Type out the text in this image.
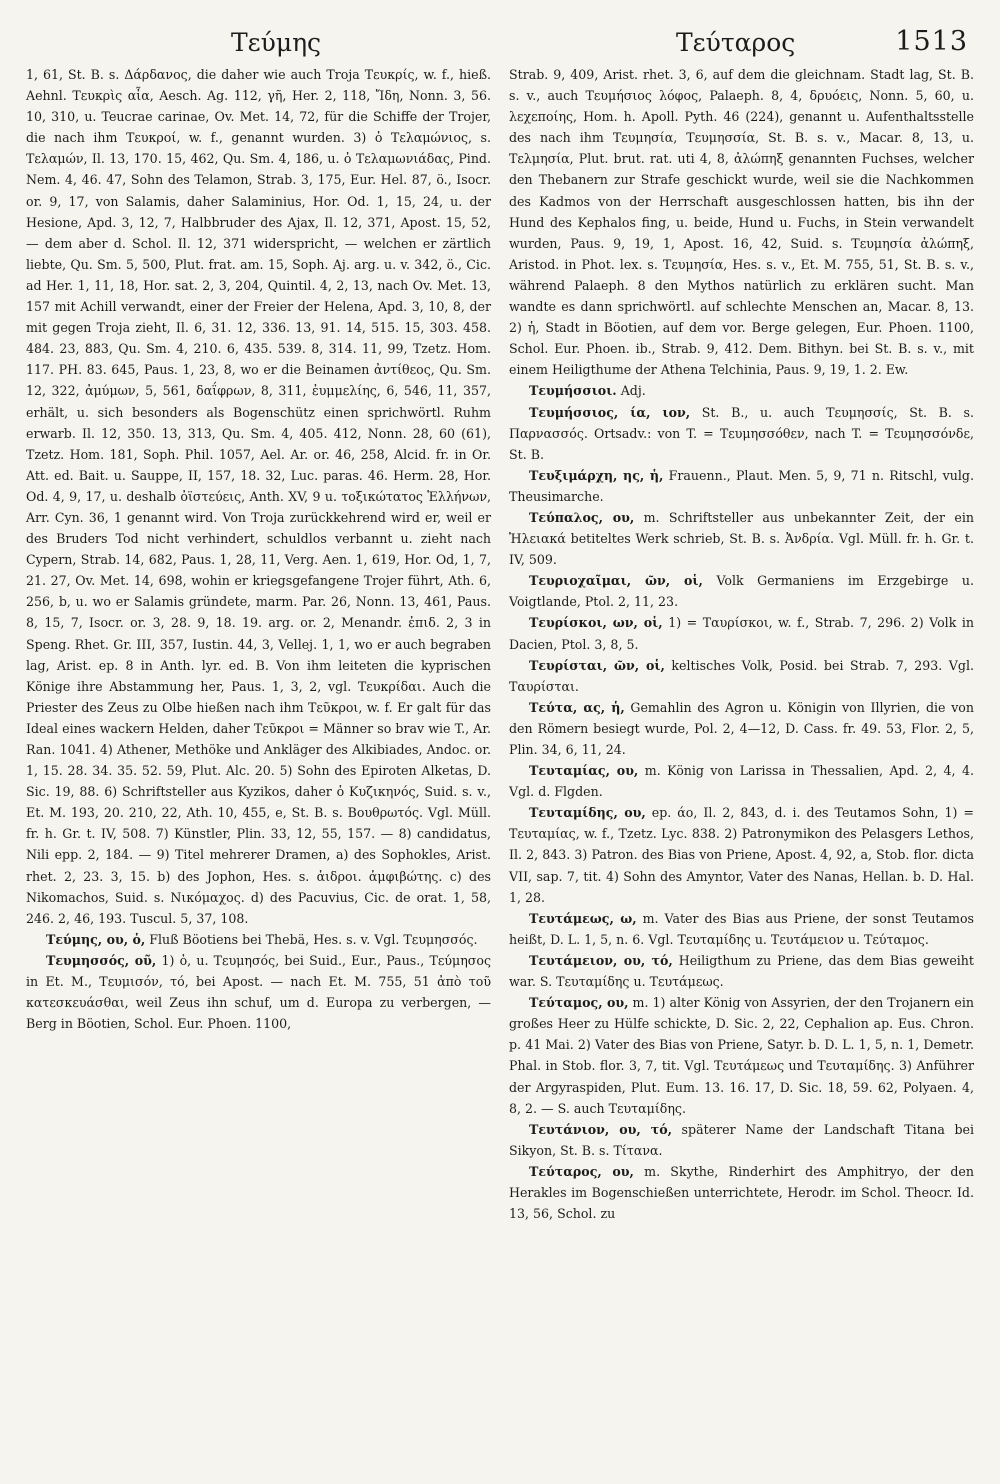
Τεύμης	Τεύταρος	1513

1, 61, St. B. s. Δάρδανος, die daher wie auch Troja Τευκρίς, w. f., hieß. Aehnl. Τευκρὶς αἶα, Aesch. Ag. 112, γῆ, Her. 2, 118, Ἴδη, Nonn. 3, 56. 10, 310, u. Teucrae carinae, Ov. Met. 14, 72, für die Schiffe der Trojer, die nach ihm Τευκροί, w. f., genannt wurden. 3) ὁ Τελαμώνιος, s. Τελαμών, Il. 13, 170. 15, 462, Qu. Sm. 4, 186, u. ὁ Τελαμωνιάδας, Pind. Nem. 4, 46. 47, Sohn des Telamon, Strab. 3, 175, Eur. Hel. 87, ö., Isocr. or. 9, 17, von Salamis, daher Salaminius, Hor. Od. 1, 15, 24, u. der Hesione, Apd. 3, 12, 7, Halbbruder des Ajax, Il. 12, 371, Apost. 15, 52, — dem aber d. Schol. Il. 12, 371 widerspricht, — welchen er zärtlich liebte, Qu. Sm. 5, 500, Plut. frat. am. 15, Soph. Aj. arg. u. v. 342, ö., Cic. ad Her. 1, 11, 18, Hor. sat. 2, 3, 204, Quintil. 4, 2, 13, nach Ov. Met. 13, 157 mit Achill verwandt, einer der Freier der Helena, Apd. 3, 10, 8, der mit gegen Troja zieht, Il. 6, 31. 12, 336. 13, 91. 14, 515. 15, 303. 458. 484. 23, 883, Qu. Sm. 4, 210. 6, 435. 539. 8, 314. 11, 99, Tzetz. Hom. 117. PH. 83. 645, Paus. 1, 23, 8, wo er die Beinamen ἀντίθεος, Qu. Sm. 12, 322, ἀμύμων, 5, 561, δαΐφρων, 8, 311, ἐυμμελίης, 6, 546, 11, 357, erhält, u. sich besonders als Bogenschütz einen sprichwörtl. Ruhm erwarb. Il. 12, 350. 13, 313, Qu. Sm. 4, 405. 412, Nonn. 28, 60 (61), Tzetz. Hom. 181, Soph. Phil. 1057, Ael. Ar. or. 46, 258, Alcid. fr. in Or. Att. ed. Bait. u. Sauppe, II, 157, 18. 32, Luc. paras. 46. Herm. 28, Hor. Od. 4, 9, 17, u. deshalb ὀϊστεύεις, Anth. XV, 9 u. τοξικώτατος Ἑλλήνων, Arr. Cyn. 36, 1 genannt wird. Von Troja zurückkehrend wird er, weil er des Bruders Tod nicht verhindert, schuldlos verbannt u. zieht nach Cypern, Strab. 14, 682, Paus. 1, 28, 11, Verg. Aen. 1, 619, Hor. Od, 1, 7, 21. 27, Ov. Met. 14, 698, wohin er kriegsgefangene Trojer führt, Ath. 6, 256, b, u. wo er Salamis gründete, marm. Par. 26, Nonn. 13, 461, Paus. 8, 15, 7, Isocr. or. 3, 28. 9, 18. 19. arg. or. 2, Menandr. ἐπιδ. 2, 3 in Speng. Rhet. Gr. III, 357, Iustin. 44, 3, Vellej. 1, 1, wo er auch begraben lag, Arist. ep. 8 in Anth. lyr. ed. B. Von ihm leiteten die kyprischen Könige ihre Abstammung her, Paus. 1, 3, 2, vgl. Τευκρίδαι. Auch die Priester des Zeus zu Olbe hießen nach ihm Τεῦκροι, w. f. Er galt für das Ideal eines wackern Helden, daher Τεῦκροι = Männer so brav wie T., Ar. Ran. 1041. 4) Athener, Methöke und Ankläger des Alkibiades, Andoc. or. 1, 15. 28. 34. 35. 52. 59, Plut. Alc. 20. 5) Sohn des Epiroten Alketas, D. Sic. 19, 88. 6) Schriftsteller aus Kyzikos, daher ὁ Κυζικηνός, Suid. s. v., Et. M. 193, 20. 210, 22, Ath. 10, 455, e, St. B. s. Βουθρωτός. Vgl. Müll. fr. h. Gr. t. IV, 508. 7) Künstler, Plin. 33, 12, 55, 157. — 8) candidatus, Nili epp. 2, 184. — 9) Titel mehrerer Dramen, a) des Sophokles, Arist. rhet. 2, 23. 3, 15. b) des Jophon, Hes. s. ἀιδροι. ἀμφιβώτης. c) des Nikomachos, Suid. s. Νικόμαχος. d) des Pacuvius, Cic. de orat. 1, 58, 246. 2, 46, 193. Tuscul. 5, 37, 108.

Τεύμης, ου, ὁ, Fluß Böotiens bei Thebä, Hes. s. v. Vgl. Τευμησσός.

Τευμησσός, οῦ, 1) ὁ, u. Τευμησός, bei Suid., Eur., Paus., Τεύμησος in Et. M., Τευμισόν, τό, bei Apost. — nach Et. M. 755, 51 ἀπὸ τοῦ κατεσκευάσθαι, weil Zeus ihn schuf, um d. Europa zu verbergen, — Berg in Böotien, Schol. Eur. Phoen. 1100,

Strab. 9, 409, Arist. rhet. 3, 6, auf dem die gleichnam. Stadt lag, St. B. s. v., auch Τευμήσιος λόφος, Palaeph. 8, 4, δρυόεις, Nonn. 5, 60, u. λεχεποίης, Hom. h. Apoll. Pyth. 46 (224), genannt u. Aufenthaltsstelle des nach ihm Τευμησία, Τευμησσία, St. B. s. v., Macar. 8, 13, u. Τελμησία, Plut. brut. rat. uti 4, 8, ἀλώπηξ genannten Fuchses, welcher den Thebanern zur Strafe geschickt wurde, weil sie die Nachkommen des Kadmos von der Herrschaft ausgeschlossen hatten, bis ihn der Hund des Kephalos fing, u. beide, Hund u. Fuchs, in Stein verwandelt wurden, Paus. 9, 19, 1, Apost. 16, 42, Suid. s. Τευμησία ἀλώπηξ, Aristod. in Phot. lex. s. Τευμησία, Hes. s. v., Et. M. 755, 51, St. B. s. v., während Palaeph. 8 den Mythos natürlich zu erklären sucht. Man wandte es dann sprichwörtl. auf schlechte Menschen an, Macar. 8, 13. 2) ἡ, Stadt in Böotien, auf dem vor. Berge gelegen, Eur. Phoen. 1100, Schol. Eur. Phoen. ib., Strab. 9, 412. Dem. Bithyn. bei St. B. s. v., mit einem Heiligthume der Athena Telchinia, Paus. 9, 19, 1. 2. Ew.

Τευμήσσιοι. Adj.

Τευμήσσιος, ία, ιον, St. B., u. auch Τευμησσίς, St. B. s. Παρνασσός. Ortsadv.: von T. = Τευμησσόθεν, nach T. = Τευμησσόνδε, St. B.

Τευξιμάρχη, ης, ἡ, Frauenn., Plaut. Men. 5, 9, 71 n. Ritschl, vulg. Theusimarche.

Τεύπαλος, ου, m. Schriftsteller aus unbekannter Zeit, der ein Ἠλειακά betiteltes Werk schrieb, St. B. s. Ἀνδρία. Vgl. Müll. fr. h. Gr. t. IV, 509.

Τευριοχαῖμαι, ῶν, οἱ, Volk Germaniens im Erzgebirge u. Voigtlande, Ptol. 2, 11, 23.

Τευρίσκοι, ων, οἱ, 1) = Ταυρίσκοι, w. f., Strab. 7, 296. 2) Volk in Dacien, Ptol. 3, 8, 5.

Τευρίσται, ῶν, οἱ, keltisches Volk, Posid. bei Strab. 7, 293. Vgl. Ταυρίσται.

Τεύτα, ας, ἡ, Gemahlin des Agron u. Königin von Illyrien, die von den Römern besiegt wurde, Pol. 2, 4—12, D. Cass. fr. 49. 53, Flor. 2, 5, Plin. 34, 6, 11, 24.

Τευταμίας, ου, m. König von Larissa in Thessalien, Apd. 2, 4, 4. Vgl. d. Flgden.

Τευταμίδης, ου, ep. άο, Il. 2, 843, d. i. des Teutamos Sohn, 1) = Τευταμίας, w. f., Tzetz. Lyc. 838. 2) Patronymikon des Pelasgers Lethos, Il. 2, 843. 3) Patron. des Bias von Priene, Apost. 4, 92, a, Stob. flor. dicta VII, sap. 7, tit. 4) Sohn des Amyntor, Vater des Nanas, Hellan. b. D. Hal. 1, 28.

Τευτάμεως, ω, m. Vater des Bias aus Priene, der sonst Teutamos heißt, D. L. 1, 5, n. 6. Vgl. Τευταμίδης u. Τευτάμειον u. Τεύταμος.

Τευτάμειον, ου, τό, Heiligthum zu Priene, das dem Bias geweiht war. S. Τευταμίδης u. Τευτάμεως.

Τεύταμος, ου, m. 1) alter König von Assyrien, der den Trojanern ein großes Heer zu Hülfe schickte, D. Sic. 2, 22, Cephalion ap. Eus. Chron. p. 41 Mai. 2) Vater des Bias von Priene, Satyr. b. D. L. 1, 5, n. 1, Demetr. Phal. in Stob. flor. 3, 7, tit. Vgl. Τευτάμεως und Τευταμίδης. 3) Anführer der Argyraspiden, Plut. Eum. 13. 16. 17, D. Sic. 18, 59. 62, Polyaen. 4, 8, 2. — S. auch Τευταμίδης.

Τευτάνιον, ου, τό, späterer Name der Landschaft Titana bei Sikyon, St. B. s. Τίτανα.

Τεύταρος, ου, m. Skythe, Rinderhirt des Amphitryo, der den Herakles im Bogenschießen unterrichtete, Herodr. im Schol. Theocr. Id. 13, 56, Schol. zu
